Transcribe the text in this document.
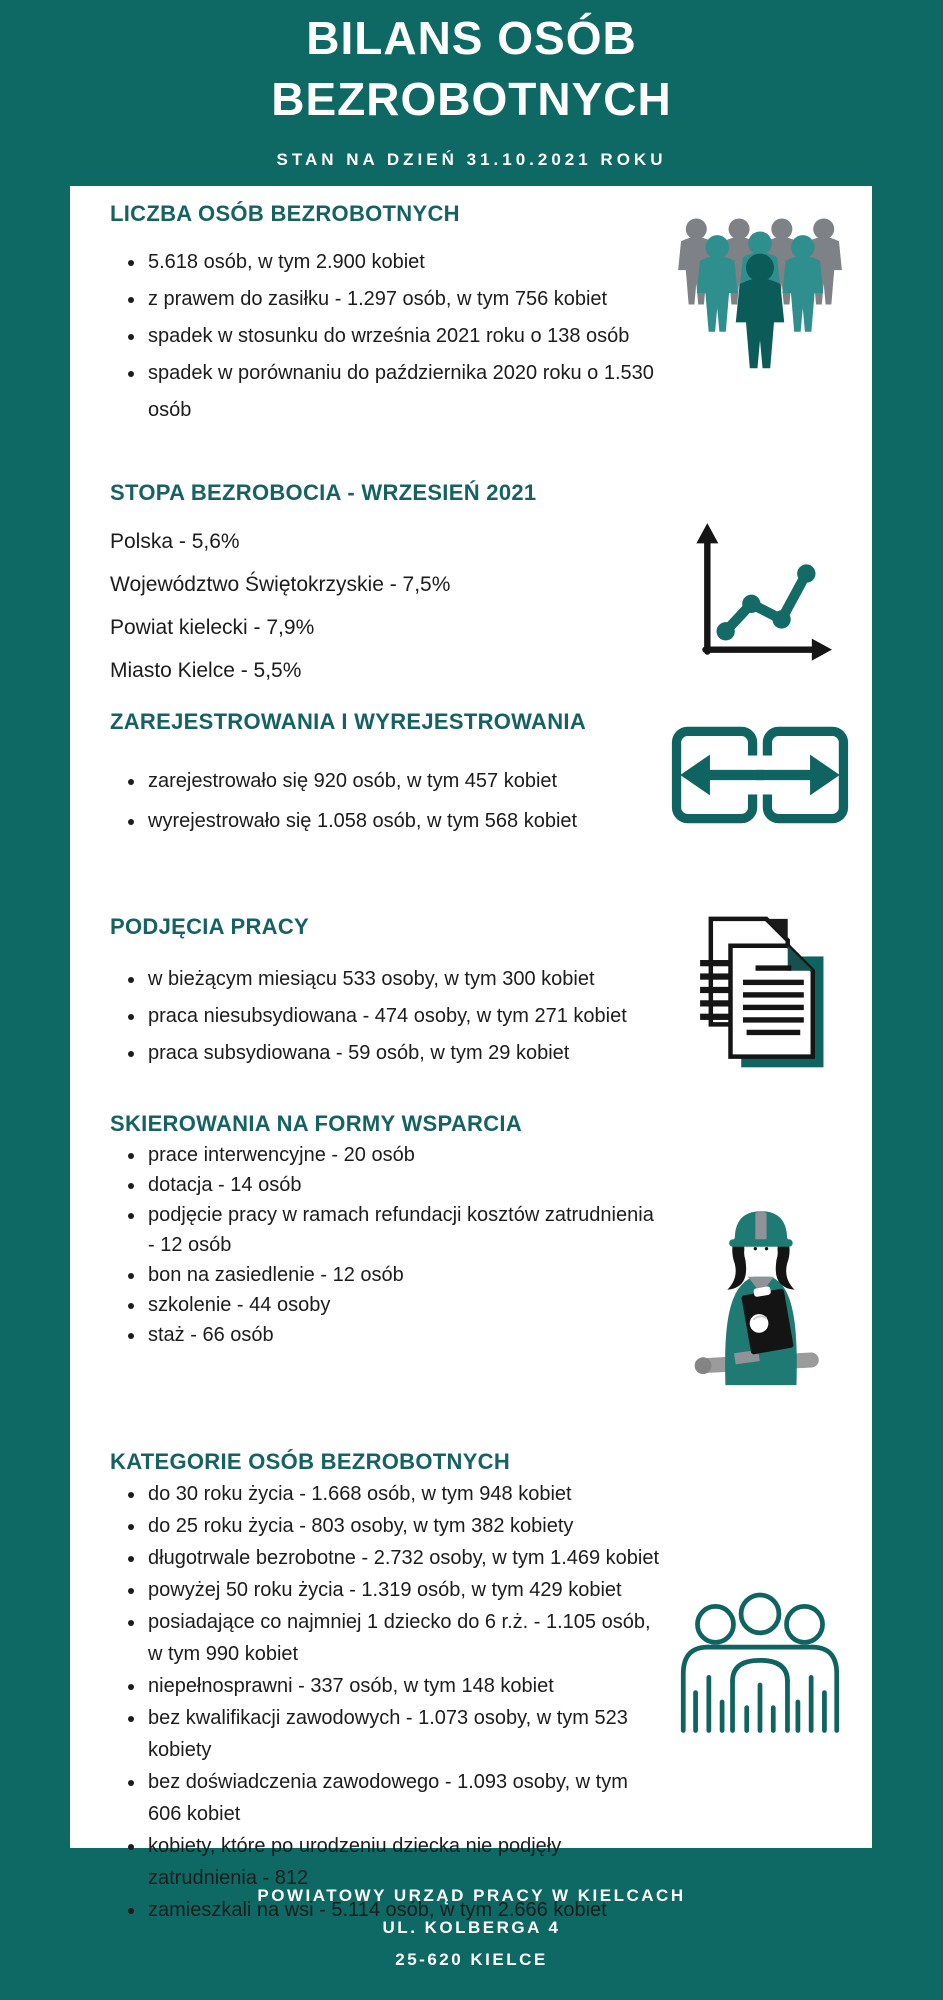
BILANS OSÓB
BEZROBOTNYCH
STAN NA DZIEŃ 31.10.2021 ROKU
LICZBA OSÓB BEZROBOTNYCH
• 5.618 osób, w tym 2.900 kobiet
• z prawem do zasiłku - 1.297 osób, w tym 756 kobiet
• spadek w stosunku do września 2021 roku o 138 osób
• spadek w porównaniu do października 2020 roku o 1.530 osób
STOPA BEZROBOCIA - WRZESIEŃ 2021

Polska - 5,6%

Województwo Świętokrzyskie - 7,5%

Powiat kielecki - 7,9%

Miasto Kielce - 5,5%

ZAREJESTROWANIA I WYREJESTROWANIA
• zarejestrowało się 920 osób, w tym 457 kobiet
• wyrejestrowało się 1.058 osób, w tym 568 kobiet
PODJĘCIA PRACY
• w bieżącym miesiącu 533 osoby, w tym 300 kobiet
• praca niesubsydiowana - 474 osoby, w tym 271 kobiet
• praca subsydiowana - 59 osób, w tym 29 kobiet
SKIEROWANIA NA FORMY WSPARCIA
• prace interwencyjne - 20 osób
• dotacja - 14 osób
• podjęcie pracy w ramach refundacji kosztów zatrudnienia - 12 osób
• bon na zasiedlenie - 12 osób
• szkolenie - 44 osoby
• staż - 66 osób
KATEGORIE OSÓB BEZROBOTNYCH
• do 30 roku życia - 1.668 osób, w tym 948 kobiet
• do 25 roku życia - 803 osoby, w tym 382 kobiety
• długotrwale bezrobotne - 2.732 osoby, w tym 1.469 kobiet
• powyżej 50 roku życia - 1.319 osób, w tym 429 kobiet
• posiadające co najmniej 1 dziecko do 6 r.ż. - 1.105 osób, w tym 990 kobiet
• niepełnosprawni - 337 osób, w tym 148 kobiet
• bez kwalifikacji zawodowych - 1.073 osoby, w tym 523 kobiety
• bez doświadczenia zawodowego - 1.093 osoby, w tym 606 kobiet
• kobiety, które po urodzeniu dziecka nie podjęły zatrudnienia - 812
• zamieszkali na wsi - 5.114 osób, w tym 2.666 kobiet
POWIATOWY URZĄD PRACY W KIELCACH
UL. KOLBERGA 4
25-620 KIELCE
